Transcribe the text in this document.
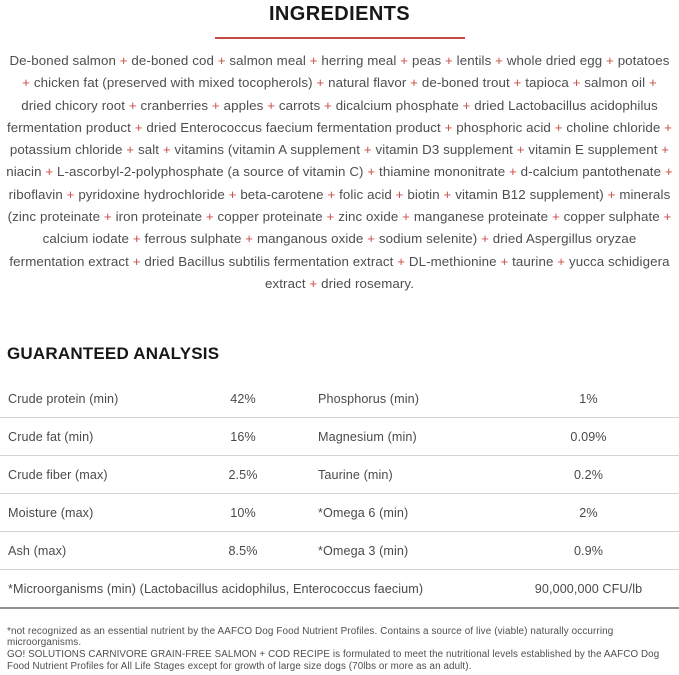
INGREDIENTS
De-boned salmon + de-boned cod + salmon meal + herring meal + peas + lentils + whole dried egg + potatoes + chicken fat (preserved with mixed tocopherols) + natural flavor + de-boned trout + tapioca + salmon oil + dried chicory root + cranberries + apples + carrots + dicalcium phosphate + dried Lactobacillus acidophilus fermentation product + dried Enterococcus faecium fermentation product + phosphoric acid + choline chloride + potassium chloride + salt + vitamins (vitamin A supplement + vitamin D3 supplement + vitamin E supplement + niacin + L-ascorbyl-2-polyphosphate (a source of vitamin C) + thiamine mononitrate + d-calcium pantothenate + riboflavin + pyridoxine hydrochloride + beta-carotene + folic acid + biotin + vitamin B12 supplement) + minerals (zinc proteinate + iron proteinate + copper proteinate + zinc oxide + manganese proteinate + copper sulphate + calcium iodate + ferrous sulphate + manganous oxide + sodium selenite) + dried Aspergillus oryzae fermentation extract + dried Bacillus subtilis fermentation extract + DL-methionine + taurine + yucca schidigera extract + dried rosemary.
GUARANTEED ANALYSIS
Crude protein (min)	42%	Phosphorus (min)	1%
Crude fat (min)	16%	Magnesium (min)	0.09%
Crude fiber (max)	2.5%	Taurine (min)	0.2%
Moisture (max)	10%	*Omega 6 (min)	2%
Ash (max)	8.5%	*Omega 3 (min)	0.9%
*Microorganisms (min) (Lactobacillus acidophilus, Enterococcus faecium)	90,000,000 CFU/lb
*not recognized as an essential nutrient by the AAFCO Dog Food Nutrient Profiles. Contains a source of live (viable) naturally occurring microorganisms.
GO! SOLUTIONS CARNIVORE GRAIN-FREE SALMON + COD RECIPE is formulated to meet the nutritional levels established by the AAFCO Dog Food Nutrient Profiles for All Life Stages except for growth of large size dogs (70lbs or more as an adult).
